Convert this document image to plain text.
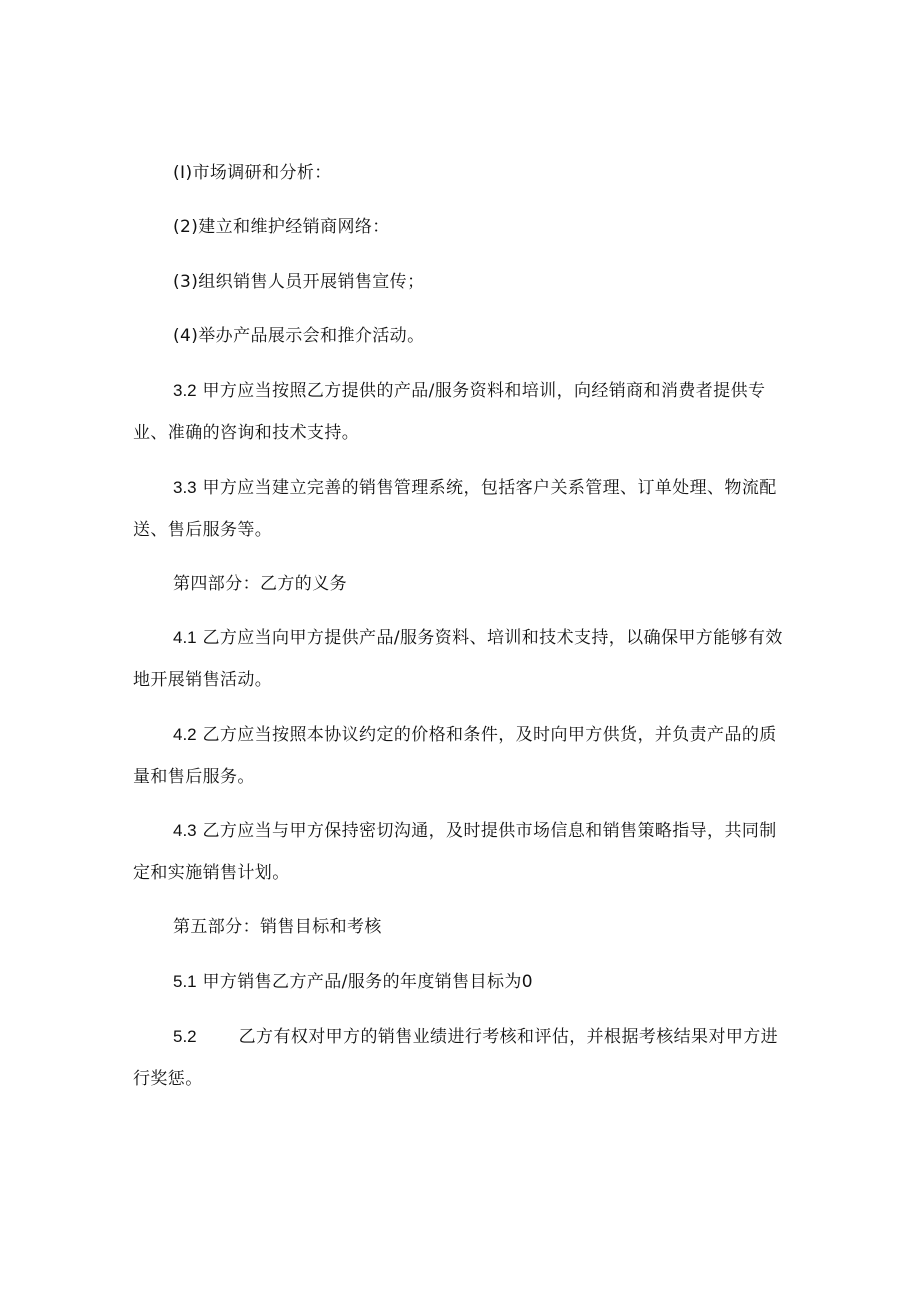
(I)市场调研和分析：

(2)建立和维护经销商网络：

(3)组织销售人员开展销售宣传；

(4)举办产品展示会和推介活动。

3.2 甲方应当按照乙方提供的产品/服务资料和培训，向经销商和消费者提供专业、准确的咨询和技术支持。

3.3 甲方应当建立完善的销售管理系统，包括客户关系管理、订单处理、物流配送、售后服务等。

第四部分：乙方的义务

4.1 乙方应当向甲方提供产品/服务资料、培训和技术支持，以确保甲方能够有效地开展销售活动。

4.2 乙方应当按照本协议约定的价格和条件，及时向甲方供货，并负责产品的质量和售后服务。

4.3 乙方应当与甲方保持密切沟通，及时提供市场信息和销售策略指导，共同制定和实施销售计划。

第五部分：销售目标和考核

5.1 甲方销售乙方产品/服务的年度销售目标为0

5.2 乙方有权对甲方的销售业绩进行考核和评估，并根据考核结果对甲方进行奖惩。
